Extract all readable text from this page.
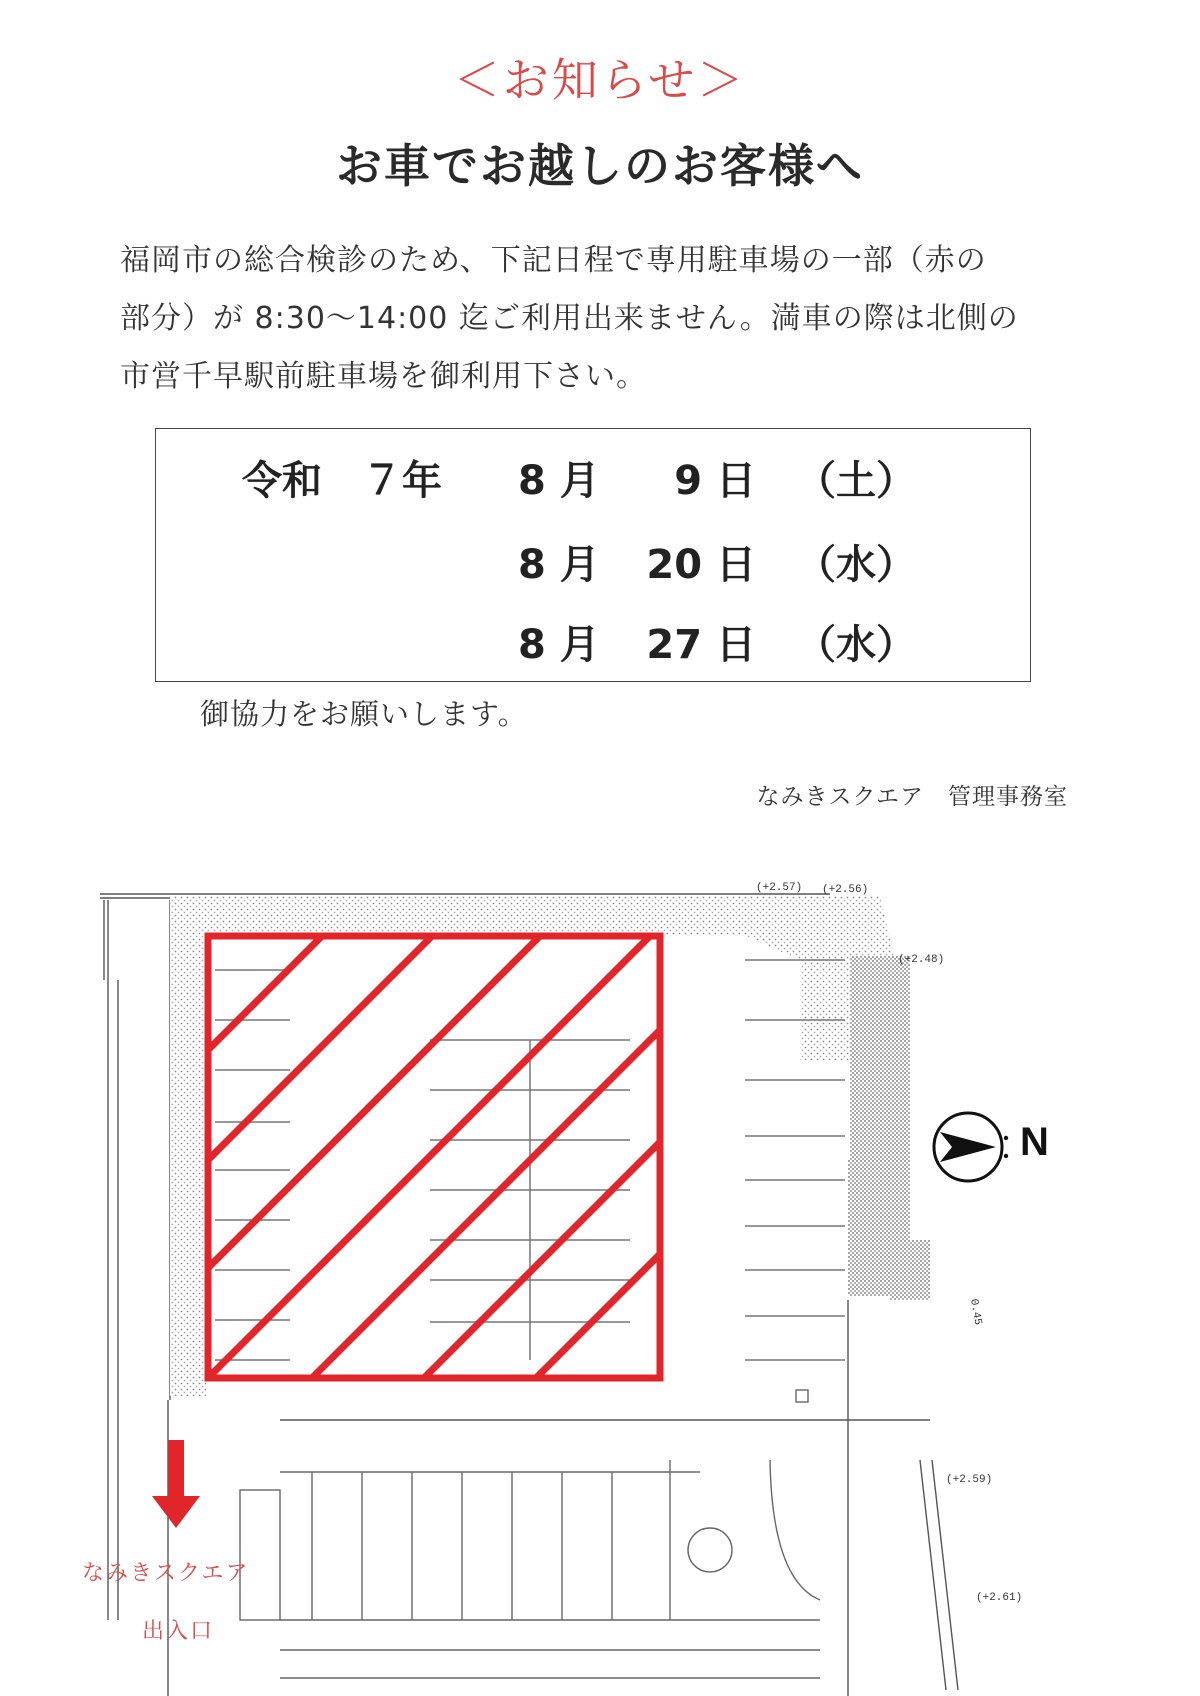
＜お知らせ＞
お車でお越しのお客様へ
福岡市の総合検診のため、下記日程で専用駐車場の一部（赤の
部分）が 8:30〜14:00 迄ご利用出来ません。満車の際は北側の
市営千早駅前駐車場を御利用下さい。
令和　７年 8 月	9 日 （土）
8 月 20 日 （水）
8 月 27 日 （水）
御協力をお願いします。
なみきスクエア　管理事務室
N
なみきスクエア
出入口
(+2.57) (+2.56)
(+2.48)
(+2.59)
(+2.61)
0.45
